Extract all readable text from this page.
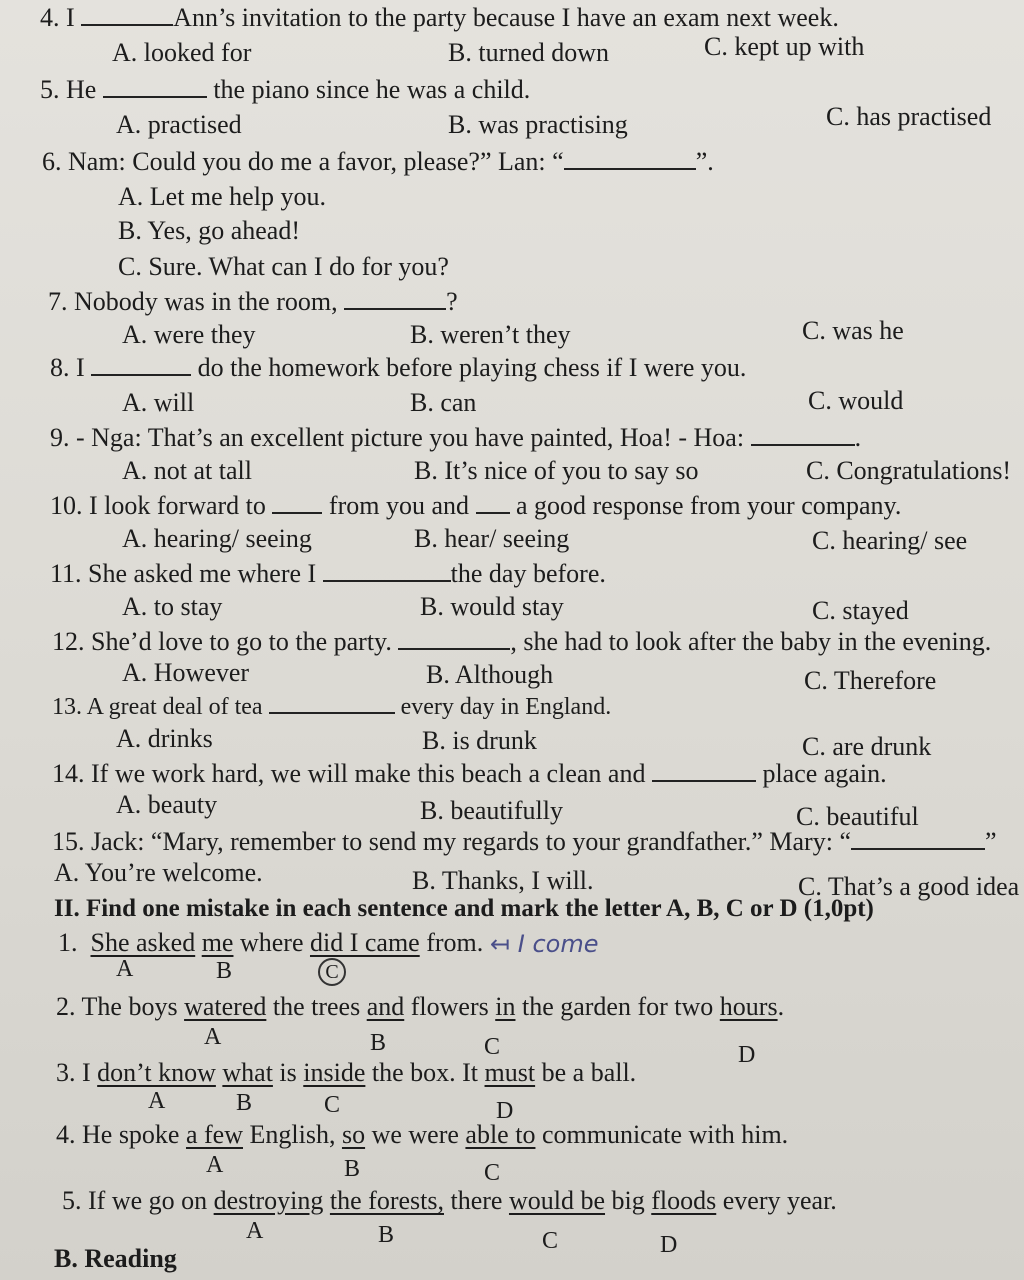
4. I	Ann’s invitation to the party because I have an exam next week.
A. looked for	B. turned down	C. kept up with
5. He	the piano since he was a child.
A. practised	B. was practising	C. has practised
6. Nam: Could you do me a favor, please?” Lan: “	”.
A. Let me help you.
B. Yes, go ahead!
C. Sure. What can I do for you?
7. Nobody was in the room,	?
A. were they	B. weren’t they	C. was he
8. I	do the homework before playing chess if I were you.
A. will	B. can	C. would
9. - Nga: That’s an excellent picture you have painted, Hoa! - Hoa:	.
A. not at tall	B. It’s nice of you to say so	C. Congratulations!
10. I look forward to from you and a good response from your company.
A. hearing/ seeing	B. hear/ seeing	C. hearing/ see
11. She asked me where I	the day before.
A. to stay	B. would stay	C. stayed
12. She’d love to go to the party.	, she had to look after the baby in the evening.
A. However	B. Although	C. Therefore
13. A great deal of tea	every day in England.
A. drinks	B. is drunk	C. are drunk
14. If we work hard, we will make this beach a clean and	place again.
A. beauty	B. beautifully	C. beautiful
15. Jack: “Mary, remember to send my regards to your grandfather.” Mary: “	”
A. You’re welcome.	B. Thanks, I will.	C. That’s a good idea
II. Find one mistake in each sentence and mark the letter A, B, C or D (1,0pt)
1. She asked me where did I came from. ↤ I come
A	B	C
2. The boys watered the trees and flowers in the garden for two hours.
A	B	C	D
3. I don’t know what is inside the box. It must be a ball.
A	B	C	D
4. He spoke a few English, so we were able to communicate with him.
A	B	C
5. If we go on destroying the forests, there would be big floods every year.
A	B	C	D
B. Reading
